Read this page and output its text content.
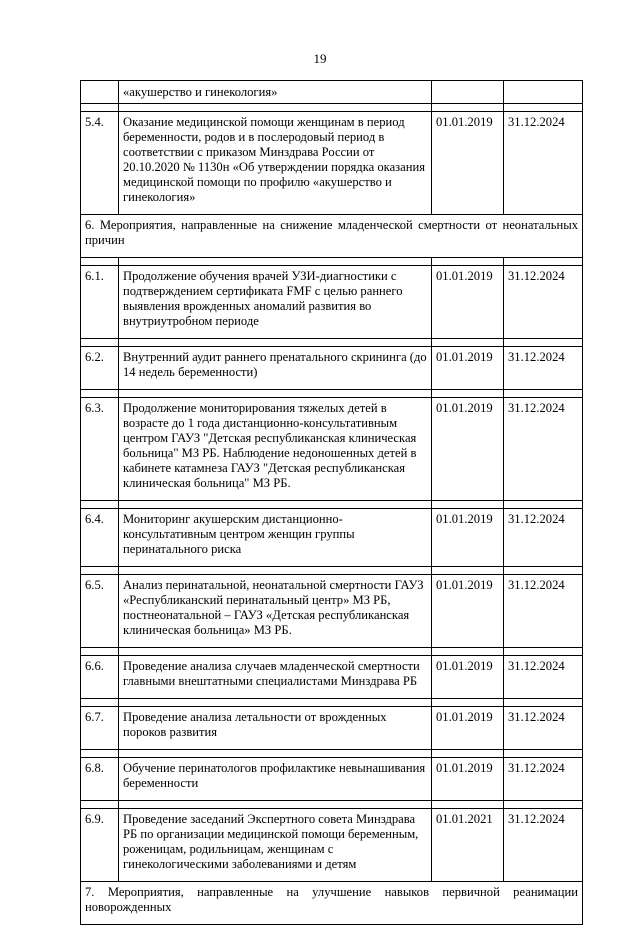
19
	«акушерство и гинекология»		

5.4.	Оказание медицинской помощи женщинам в период беременности, родов и в послеродовый период в соответствии с приказом Минздрава России от 20.10.2020 № 1130н «Об утверждении порядка оказания медицинской помощи по профилю «акушерство и гинекология»	01.01.2019	31.12.2024
6. Мероприятия, направленные на снижение младенческой смертности от неонатальных причин			

6.1.	Продолжение обучения врачей УЗИ-диагностики с подтверждением сертификата FMF с целью раннего выявления врожденных аномалий развития во внутриутробном периоде	01.01.2019	31.12.2024

6.2.	Внутренний аудит раннего пренатального скрининга (до 14 недель беременности)	01.01.2019	31.12.2024

6.3.	Продолжение мониторирования тяжелых детей в возрасте до 1 года дистанционно-консультативным центром ГАУЗ "Детская республиканская клиническая больница" МЗ РБ. Наблюдение недоношенных детей в кабинете катамнеза ГАУЗ "Детская республиканская клиническая больница" МЗ РБ.	01.01.2019	31.12.2024

6.4.	Мониторинг акушерским дистанционно-консультативным центром женщин группы перинатального риска	01.01.2019	31.12.2024

6.5.	Анализ перинатальной, неонатальной смертности ГАУЗ «Республиканский перинатальный центр» МЗ РБ, постнеонатальной – ГАУЗ «Детская республиканская клиническая больница» МЗ РБ.	01.01.2019	31.12.2024

6.6.	Проведение анализа случаев младенческой смертности главными внештатными специалистами Минздрава РБ	01.01.2019	31.12.2024

6.7.	Проведение анализа летальности от врожденных пороков развития	01.01.2019	31.12.2024

6.8.	Обучение перинатологов профилактике невынашивания беременности	01.01.2019	31.12.2024

6.9.	Проведение заседаний Экспертного совета Минздрава РБ по организации медицинской помощи беременным, роженицам, родильницам, женщинам с гинекологическими заболеваниями и детям	01.01.2021	31.12.2024
7. Мероприятия, направленные на улучшение навыков первичной реанимации новорожденных			
